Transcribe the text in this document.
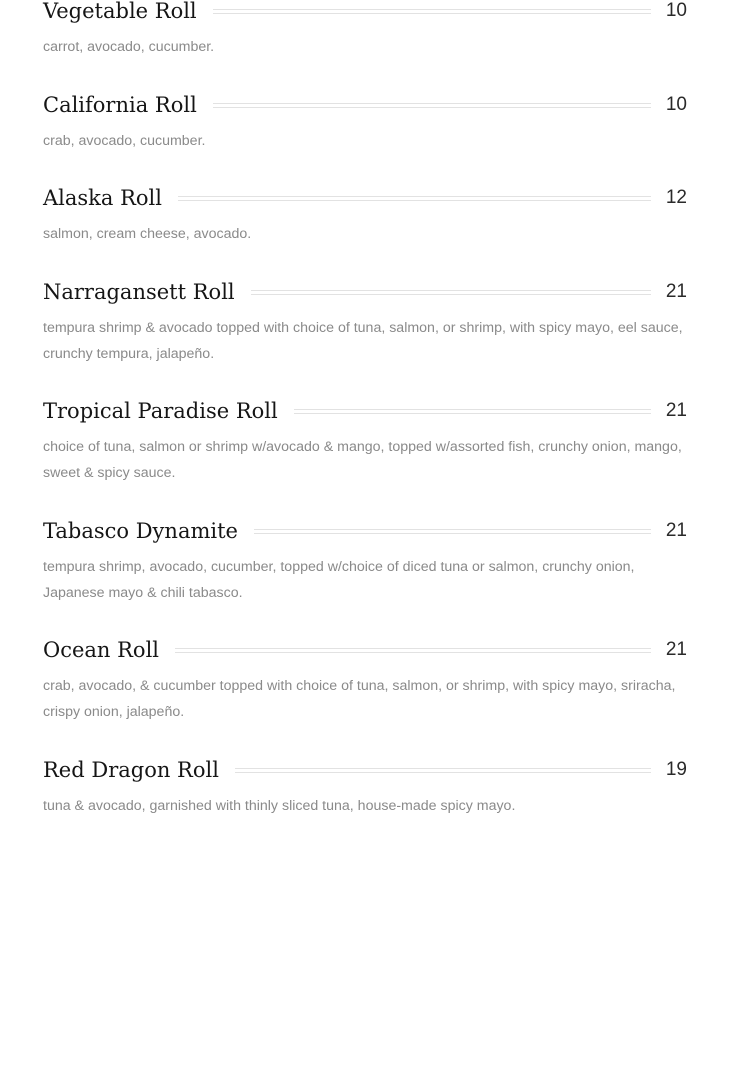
Vegetable Roll	10
carrot, avocado, cucumber.
California Roll	10
crab, avocado, cucumber.
Alaska Roll	12
salmon, cream cheese, avocado.
Narragansett Roll	21
tempura shrimp & avocado topped with choice of tuna, salmon, or shrimp, with spicy mayo, eel sauce, crunchy tempura, jalapeño.
Tropical Paradise Roll	21
choice of tuna, salmon or shrimp w/avocado & mango, topped w/assorted fish, crunchy onion, mango, sweet & spicy sauce.
Tabasco Dynamite	21
tempura shrimp, avocado, cucumber, topped w/choice of diced tuna or salmon, crunchy onion, Japanese mayo & chili tabasco.
Ocean Roll	21
crab, avocado, & cucumber topped with choice of tuna, salmon, or shrimp, with spicy mayo, sriracha, crispy onion, jalapeño.
Red Dragon Roll	19
tuna & avocado, garnished with thinly sliced tuna, house-made spicy mayo.
